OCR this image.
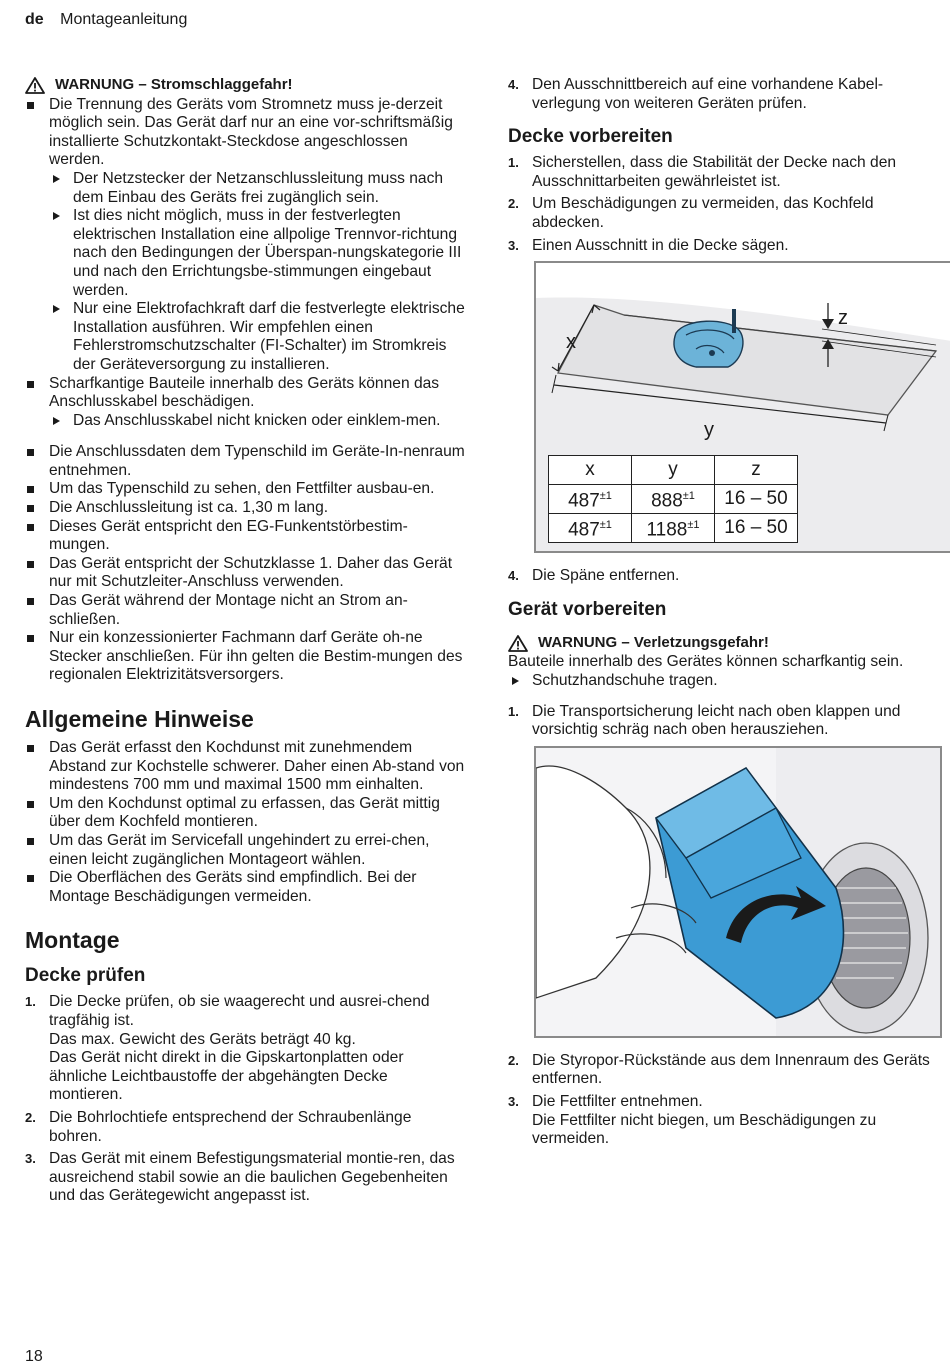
de Montageanleitung
WARNUNG – Stromschlaggefahr!
Die Trennung des Geräts vom Stromnetz muss je-derzeit möglich sein. Das Gerät darf nur an eine vor-schriftsmäßig installierte Schutzkontakt-Steckdose angeschlossen werden.
Der Netzstecker der Netzanschlussleitung muss nach dem Einbau des Geräts frei zugänglich sein.
Ist dies nicht möglich, muss in der festverlegten elektrischen Installation eine allpolige Trennvor-richtung nach den Bedingungen der Überspan-nungskategorie III und nach den Errichtungsbe-stimmungen eingebaut werden.
Nur eine Elektrofachkraft darf die festverlegte elektrische Installation ausführen. Wir empfehlen einen Fehlerstromschutzschalter (FI-Schalter) im Stromkreis der Geräteversorgung zu installieren.
Scharfkantige Bauteile innerhalb des Geräts können das Anschlusskabel beschädigen.
Das Anschlusskabel nicht knicken oder einklem-men.
Die Anschlussdaten dem Typenschild im Geräte-In-nenraum entnehmen.
Um das Typenschild zu sehen, den Fettfilter ausbau-en.
Die Anschlussleitung ist ca. 1,30 m lang.
Dieses Gerät entspricht den EG-Funkentstörbestim-mungen.
Das Gerät entspricht der Schutzklasse 1. Daher das Gerät nur mit Schutzleiter-Anschluss verwenden.
Das Gerät während der Montage nicht an Strom an-schließen.
Nur ein konzessionierter Fachmann darf Geräte oh-ne Stecker anschließen. Für ihn gelten die Bestim-mungen des regionalen Elektrizitätsversorgers.
Allgemeine Hinweise
Das Gerät erfasst den Kochdunst mit zunehmendem Abstand zur Kochstelle schwerer. Daher einen Ab-stand von mindestens 700 mm und maximal 1500 mm einhalten.
Um den Kochdunst optimal zu erfassen, das Gerät mittig über dem Kochfeld montieren.
Um das Gerät im Servicefall ungehindert zu errei-chen, einen leicht zugänglichen Montageort wählen.
Die Oberflächen des Geräts sind empfindlich. Bei der Montage Beschädigungen vermeiden.
Montage
Decke prüfen
1. Die Decke prüfen, ob sie waagerecht und ausrei-chend tragfähig ist.
Das max. Gewicht des Geräts beträgt 40 kg.
Das Gerät nicht direkt in die Gipskartonplatten oder ähnliche Leichtbaustoffe der abgehängten Decke montieren.
2. Die Bohrlochtiefe entsprechend der Schraubenlänge bohren.
3. Das Gerät mit einem Befestigungsmaterial montie-ren, das ausreichend stabil sowie an die baulichen Gegebenheiten und das Gerätegewicht angepasst ist.
4. Den Ausschnittbereich auf eine vorhandene Kabel-verlegung von weiteren Geräten prüfen.
Decke vorbereiten
1. Sicherstellen, dass die Stabilität der Decke nach den Ausschnittarbeiten gewährleistet ist.
2. Um Beschädigungen zu vermeiden, das Kochfeld abdecken.
3. Einen Ausschnitt in die Decke sägen.
x
y
z
x	y	z
$487^{\pm 1}$	$888^{\pm 1}$	16 – 50
$487^{\pm 1}$	$1188^{\pm 1}$	16 – 50
4. Die Späne entfernen.
Gerät vorbereiten
WARNUNG – Verletzungsgefahr!

Bauteile innerhalb des Gerätes können scharfkantig sein.

Schutzhandschuhe tragen.
1. Die Transportsicherung leicht nach oben klappen und vorsichtig schräg nach oben herausziehen.
2. Die Styropor-Rückstände aus dem Innenraum des Geräts entfernen.
3. Die Fettfilter entnehmen.
Die Fettfilter nicht biegen, um Beschädigungen zu vermeiden.
18
